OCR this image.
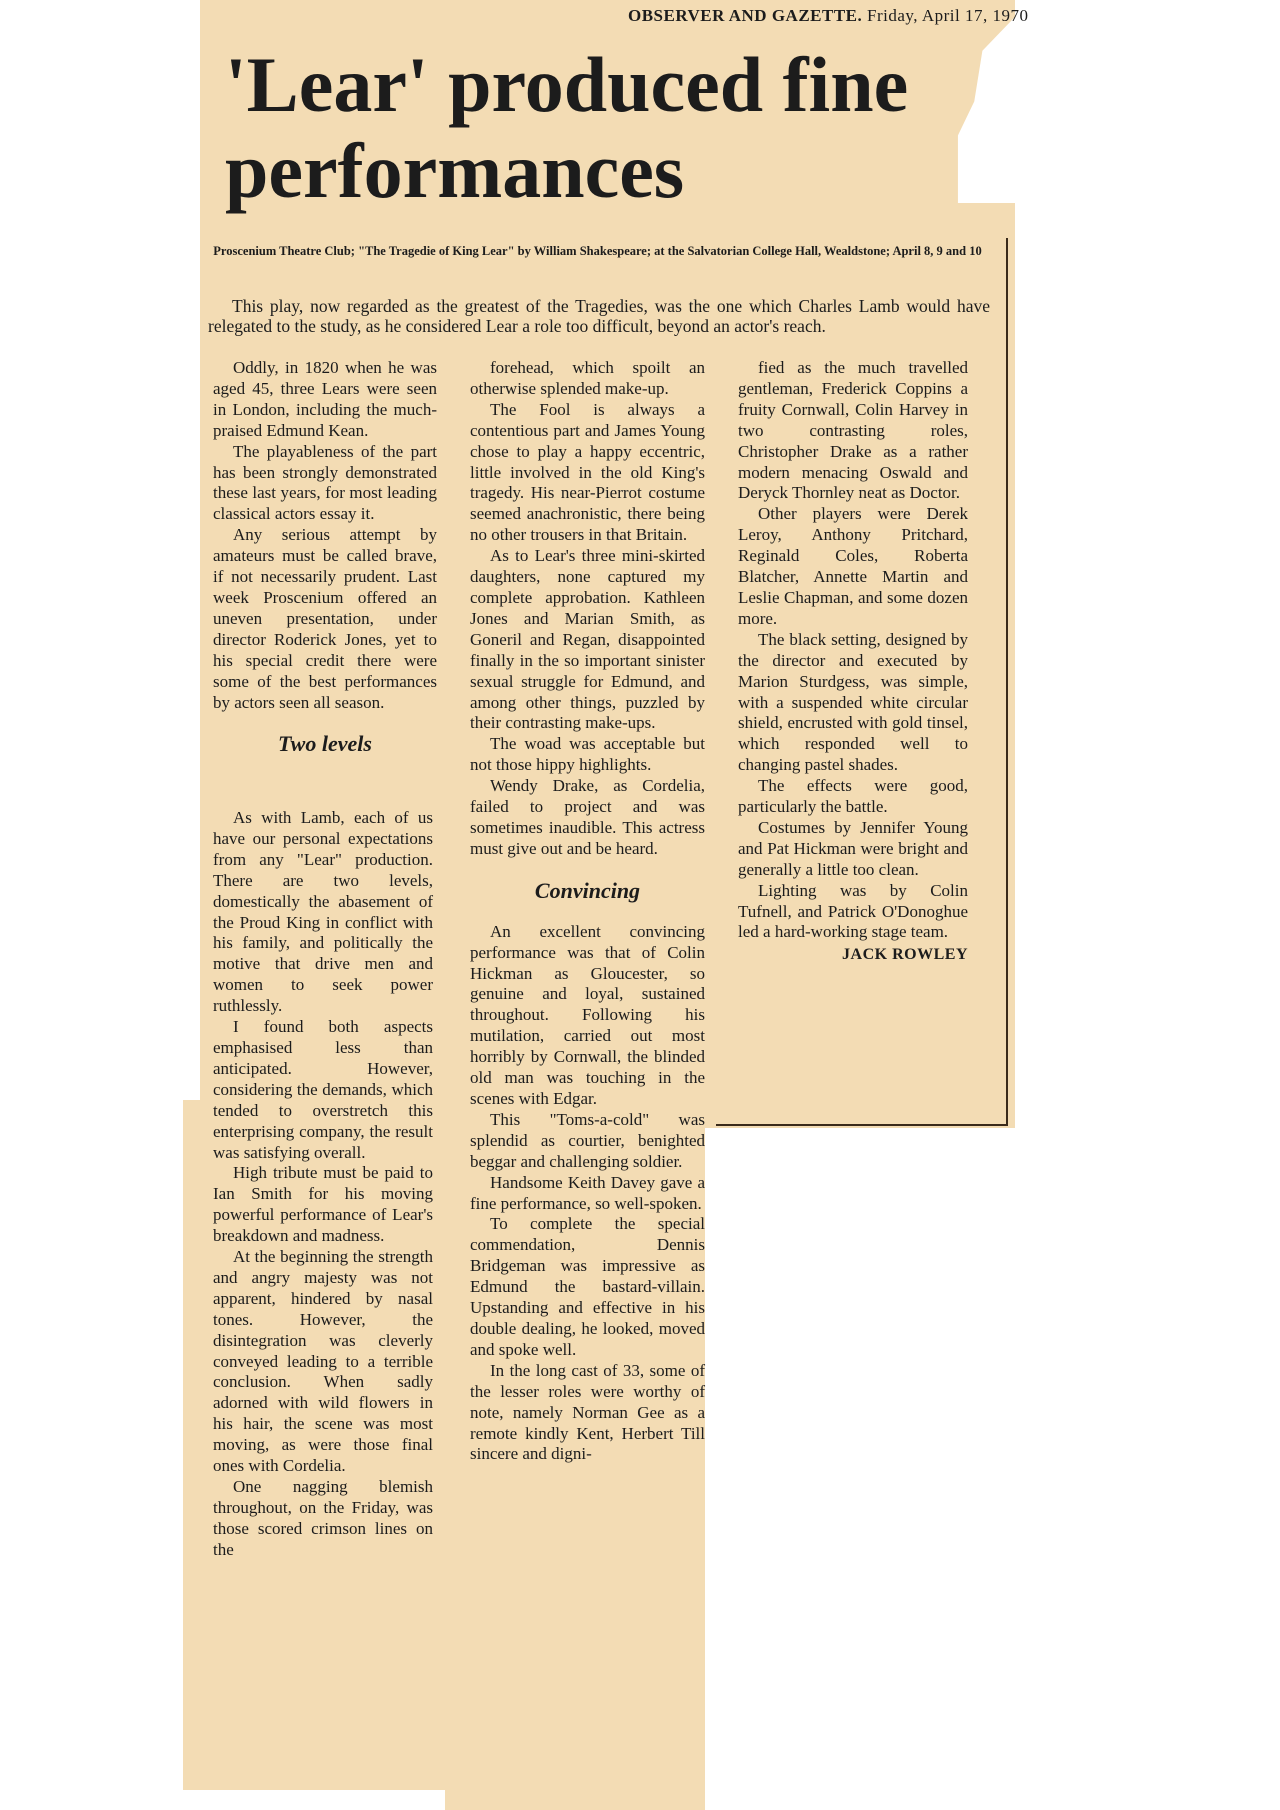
OBSERVER AND GAZETTE. Friday, April 17, 1970
'Lear' produced fine performances

Proscenium Theatre Club; "The Tragedie of King Lear" by William Shakespeare; at the Salvatorian College Hall, Wealdstone; April 8, 9 and 10

This play, now regarded as the greatest of the Tragedies, was the one which Charles Lamb would have relegated to the study, as he considered Lear a role too difficult, beyond an actor's reach.

Oddly, in 1820 when he was aged 45, three Lears were seen in London, including the much-praised Edmund Kean.

The playableness of the part has been strongly demonstrated these last years, for most leading classical actors essay it.

Any serious attempt by amateurs must be called brave, if not necessarily prudent. Last week Proscenium offered an uneven presentation, under director Roderick Jones, yet to his special credit there were some of the best performances by actors seen all season.

Two levels

As with Lamb, each of us have our personal expectations from any "Lear" production. There are two levels, domestically the abasement of the Proud King in conflict with his family, and politically the motive that drive men and women to seek power ruthlessly.

I found both aspects emphasised less than anticipated. However, considering the demands, which tended to overstretch this enterprising company, the result was satisfying overall.

High tribute must be paid to Ian Smith for his moving powerful performance of Lear's breakdown and madness.

At the beginning the strength and angry majesty was not apparent, hindered by nasal tones. However, the disintegration was cleverly conveyed leading to a terrible conclusion. When sadly adorned with wild flowers in his hair, the scene was most moving, as were those final ones with Cordelia.

One nagging blemish throughout, on the Friday, was those scored crimson lines on the

forehead, which spoilt an otherwise splended make-up.

The Fool is always a contentious part and James Young chose to play a happy eccentric, little involved in the old King's tragedy. His near-Pierrot costume seemed anachronistic, there being no other trousers in that Britain.

As to Lear's three mini-skirted daughters, none captured my complete approbation. Kathleen Jones and Marian Smith, as Goneril and Regan, disappointed finally in the so important sinister sexual struggle for Edmund, and among other things, puzzled by their contrasting make-ups.

The woad was acceptable but not those hippy highlights.

Wendy Drake, as Cordelia, failed to project and was sometimes inaudible. This actress must give out and be heard.

Convincing

An excellent convincing performance was that of Colin Hickman as Gloucester, so genuine and loyal, sustained throughout. Following his mutilation, carried out most horribly by Cornwall, the blinded old man was touching in the scenes with Edgar.

This "Toms-a-cold" was splendid as courtier, benighted beggar and challenging soldier.

Handsome Keith Davey gave a fine performance, so well-spoken.

To complete the special commendation, Dennis Bridgeman was impressive as Edmund the bastard-villain. Upstanding and effective in his double dealing, he looked, moved and spoke well.

In the long cast of 33, some of the lesser roles were worthy of note, namely Norman Gee as a remote kindly Kent, Herbert Till sincere and digni-

fied as the much travelled gentleman, Frederick Coppins a fruity Cornwall, Colin Harvey in two contrasting roles, Christopher Drake as a rather modern menacing Oswald and Deryck Thornley neat as Doctor.

Other players were Derek Leroy, Anthony Pritchard, Reginald Coles, Roberta Blatcher, Annette Martin and Leslie Chapman, and some dozen more.

The black setting, designed by the director and executed by Marion Sturdgess, was simple, with a suspended white circular shield, encrusted with gold tinsel, which responded well to changing pastel shades.

The effects were good, particularly the battle.

Costumes by Jennifer Young and Pat Hickman were bright and generally a little too clean.

Lighting was by Colin Tufnell, and Patrick O'Donoghue led a hard-working stage team.

JACK ROWLEY
